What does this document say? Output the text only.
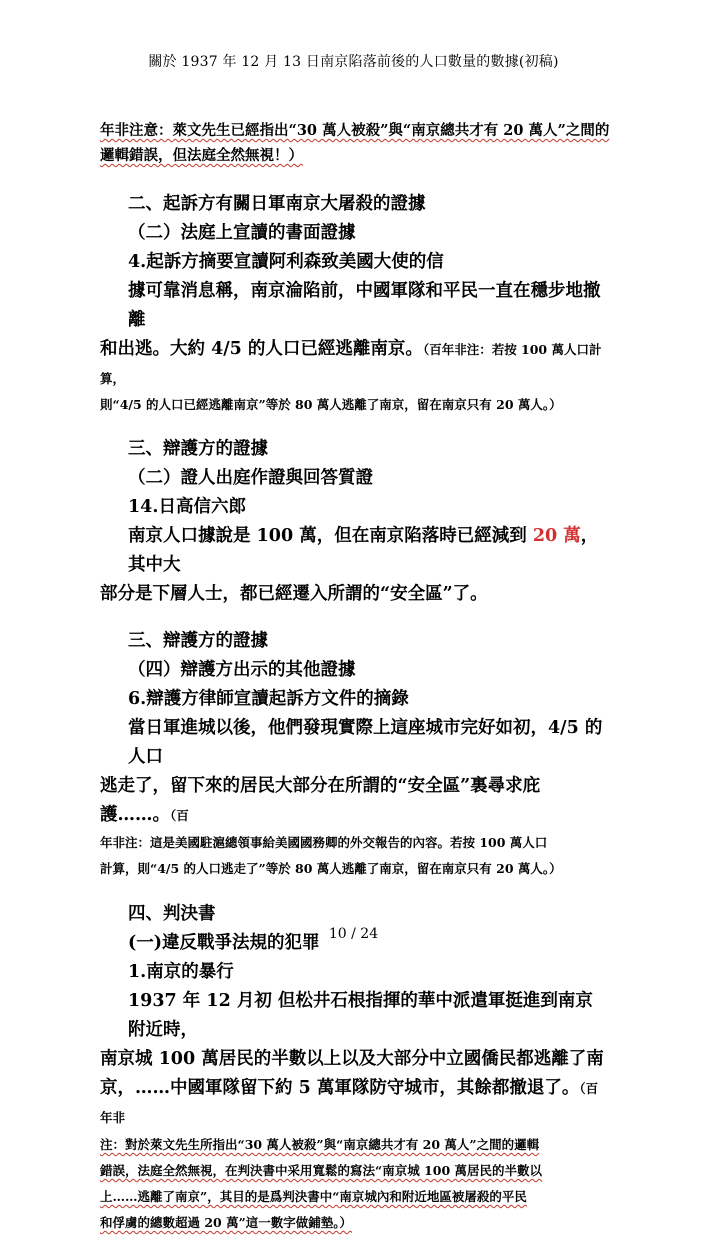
關於 1937 年 12 月 13 日南京陷落前後的人口數量的數據(初稿)
年非注意：萊文先生已經指出“30 萬人被殺”與“南京總共才有 20 萬人”之間的
邏輯錯誤，但法庭全然無視！）
二、起訴方有關日軍南京大屠殺的證據
（二）法庭上宣讀的書面證據
4.起訴方摘要宣讀阿利森致美國大使的信
據可靠消息稱，南京淪陷前，中國軍隊和平民一直在穩步地撤離
和出逃。大約 4/5 的人口已經逃離南京。（百年非注：若按 100 萬人口計算，
則“4/5 的人口已經逃離南京”等於 80 萬人逃離了南京，留在南京只有 20 萬人。）
三、辯護方的證據
（二）證人出庭作證與回答質證
14.日高信六郎
南京人口據說是 100 萬，但在南京陷落時已經減到 20 萬，其中大
部分是下層人士，都已經遷入所謂的“安全區”了。
三、辯護方的證據
（四）辯護方出示的其他證據
6.辯護方律師宣讀起訴方文件的摘錄
當日軍進城以後，他們發現實際上這座城市完好如初，4/5 的人口
逃走了，留下來的居民大部分在所謂的“安全區”裏尋求庇護……。（百
年非注：這是美國駐滬總領事給美國國務卿的外交報告的內容。若按 100 萬人口
計算，則“4/5 的人口逃走了”等於 80 萬人逃離了南京，留在南京只有 20 萬人。）
四、判決書
(一)違反戰爭法規的犯罪
1.南京的暴行
1937 年 12 月初 但松井石根指揮的華中派遣軍挺進到南京附近時，
南京城 100 萬居民的半數以上以及大部分中立國僑民都逃離了南
京，……中國軍隊留下約 5 萬軍隊防守城市，其餘都撤退了。（百年非
注：對於萊文先生所指出“30 萬人被殺”與“南京總共才有 20 萬人”之間的邏輯
錯誤，法庭全然無視，在判決書中采用寬鬆的寫法“南京城 100 萬居民的半數以
上……逃離了南京”，其目的是爲判決書中“南京城內和附近地區被屠殺的平民
和俘虜的總數超過 20 萬”這一數字做鋪墊。）
10 / 24
